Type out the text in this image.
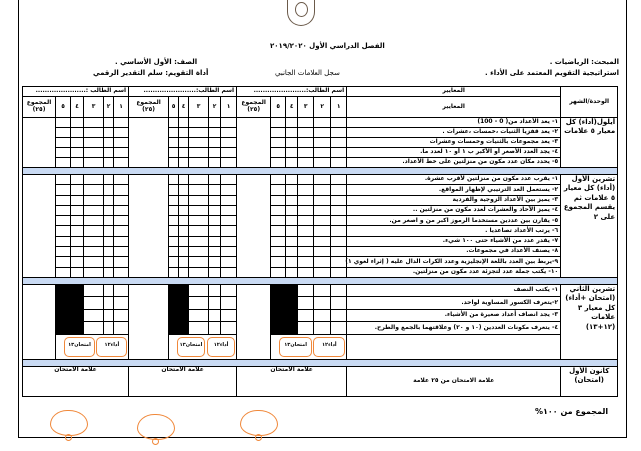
الفصل الدراسي الأول ٢٠١٩/٢٠٢٠
المبحث: الرياضيات .
استراتيجية التقويم المعتمد على الأداء .
سجل العلامات الجانبي
الصف: الأول الأساسي .
أداة التقويم: سلم التقدير الرقمي
الوحدة/الشهر	المعايير	اسم الطالب:.......................						اسم الطالب:.......................						اسم الطالب :......................					
	المعايير	١	٢	٣	٤	٥	المجموع (٢٥)	١	٢	٣	٤	٥	المجموع (٢٥)	١	٢	٣	٤	٥	المجموع (٢٥)
أيلول(أداء) كل معيار ٥ علامات	١- يعد الأعداد من( 0 - 100)																		
	٢- يعد قفزيا الثنيات ،خمسات ،عشرات .																		
	٣- يعد مجموعات بالثنيات وخمسات وعشرات																		
	٤- يجد العدد الأصغر أو الأكبر ب ١ أو ١٠ لعدد ما.																		
	٥- يحدد مكان عدد مكون من منزلتين على خط الأعداد.																		

تشرين الأول (أداء) كل معيار ٥ علامات ثم يقسم المجموع على ٢	١- يقرب عدد مكون من منزلتين لأقرب عشرة.																		
	٢- يستعمل العد الترتيبي لإظهار المواقع.																		
	٣- يميز بين الأعداد الزوجية والفردية																		
	٤- يميز الآحاد والعشرات لعدد مكون من منزلتين ..																		
	٥- يقارن بين عددين مستخدما الرموز اكبر من و اصغر من.																		
	٦- يرتب الأعداد تصاعديا .																		
	٧- يقدر عدد من الأشياء حتى ١٠٠ شيء.																		
	٨- يصنف الأعداد في مجموعات.																		
	٩-يربط بين العدد باللغة الإنجليزية وعدد الكرات الدال عليه ( إثراء لغوي ١)																		
	١٠- يكتب جملة عدد لتجزئة عدد مكون من منزلتين.																		

تشرين الثاني (امتحان +أداء) كل معيار ٣ علامات (١٢+١٣)	١- يكتب النصف																		
	٢-يتعرف الكسور المساوية لواحد.																		
	٣- يجد انصاف أعداد صغيرة من الأشياء.																		
	٤- يتعرف مكونات العددين (١٠ و ٢٠) وعلاقتهما بالجمع والطرح.																		
		أداء١٢امتحان١٣						أداء١٢امتحان١٣						أداء١٢امتحان١٣					

كانون الأول (امتحان)	علامة الامتحان من ٢٥ علامة	علامة الامتحان						علامة الامتحان						علامة الامتحان					
المجموع من ١٠٠%
